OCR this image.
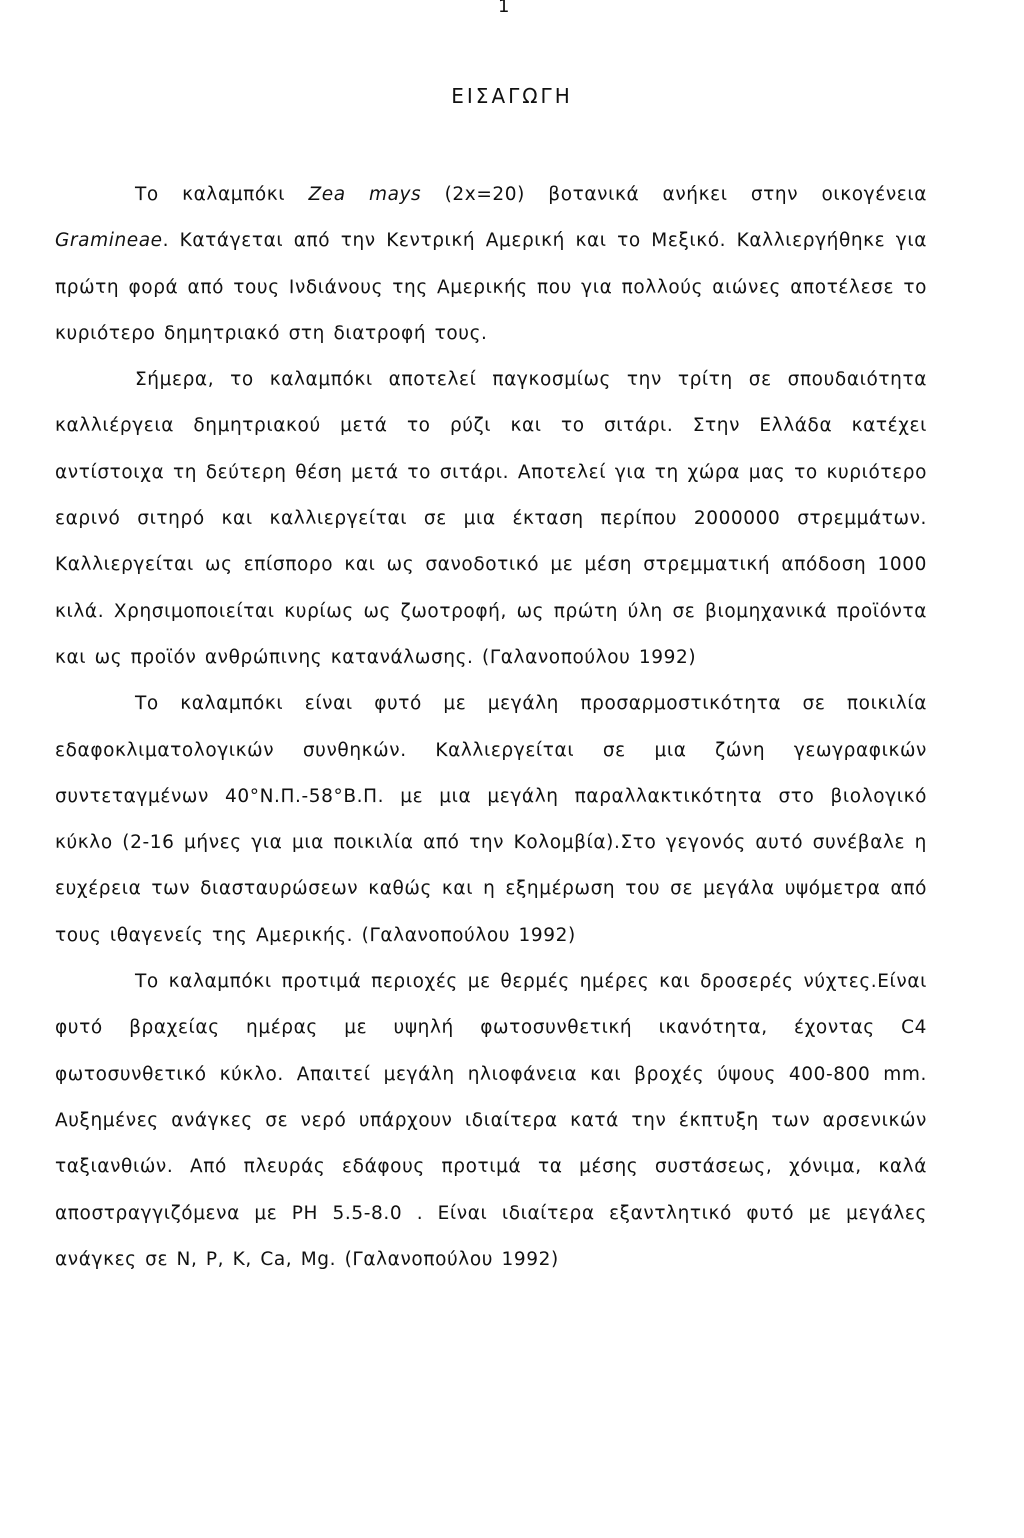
1
ΕΙΣΑΓΩΓΗ

Το καλαμπόκι Zea mays (2x=20) βοτανικά ανήκει στην οικογένεια Gramineae. Κατάγεται από την Κεντρική Αμερική και το Μεξικό. Καλλιεργήθηκε για πρώτη φορά από τους Ινδιάνους της Αμερικής που για πολλούς αιώνες αποτέλεσε το κυριότερο δημητριακό στη διατροφή τους.

Σήμερα, το καλαμπόκι αποτελεί παγκοσμίως την τρίτη σε σπουδαιότητα καλλιέργεια δημητριακού μετά το ρύζι και το σιτάρι. Στην Ελλάδα κατέχει αντίστοιχα τη δεύτερη θέση μετά το σιτάρι. Αποτελεί για τη χώρα μας το κυριότερο εαρινό σιτηρό και καλλιεργείται σε μια έκταση περίπου 2000000 στρεμμάτων. Καλλιεργείται ως επίσπορο και ως σανοδοτικό με μέση στρεμματική απόδοση 1000 κιλά. Χρησιμοποιείται κυρίως ως ζωοτροφή, ως πρώτη ύλη σε βιομηχανικά προϊόντα και ως προϊόν ανθρώπινης κατανάλωσης. (Γαλανοπούλου 1992)

Το καλαμπόκι είναι φυτό με μεγάλη προσαρμοστικότητα σε ποικιλία εδαφοκλιματολογικών συνθηκών. Καλλιεργείται σε μια ζώνη γεωγραφικών συντεταγμένων 40°Ν.Π.-58°Β.Π. με μια μεγάλη παραλλακτικότητα στο βιολογικό κύκλο (2-16 μήνες για μια ποικιλία από την Κολομβία).Στο γεγονός αυτό συνέβαλε η ευχέρεια των διασταυρώσεων καθώς και η εξημέρωση του σε μεγάλα υψόμετρα από τους ιθαγενείς της Αμερικής. (Γαλανοπούλου 1992)

Το καλαμπόκι προτιμά περιοχές με θερμές ημέρες και δροσερές νύχτες.Είναι φυτό βραχείας ημέρας με υψηλή φωτοσυνθετική ικανότητα, έχοντας C4 φωτοσυνθετικό κύκλο. Απαιτεί μεγάλη ηλιοφάνεια και βροχές ύψους 400-800 mm. Αυξημένες ανάγκες σε νερό υπάρχουν ιδιαίτερα κατά την έκπτυξη των αρσενικών ταξιανθιών. Από πλευράς εδάφους προτιμά τα μέσης συστάσεως, χόνιμα, καλά αποστραγγιζόμενα με PH 5.5-8.0 . Είναι ιδιαίτερα εξαντλητικό φυτό με μεγάλες ανάγκες σε N, P, K, Ca, Mg. (Γαλανοπούλου 1992)
